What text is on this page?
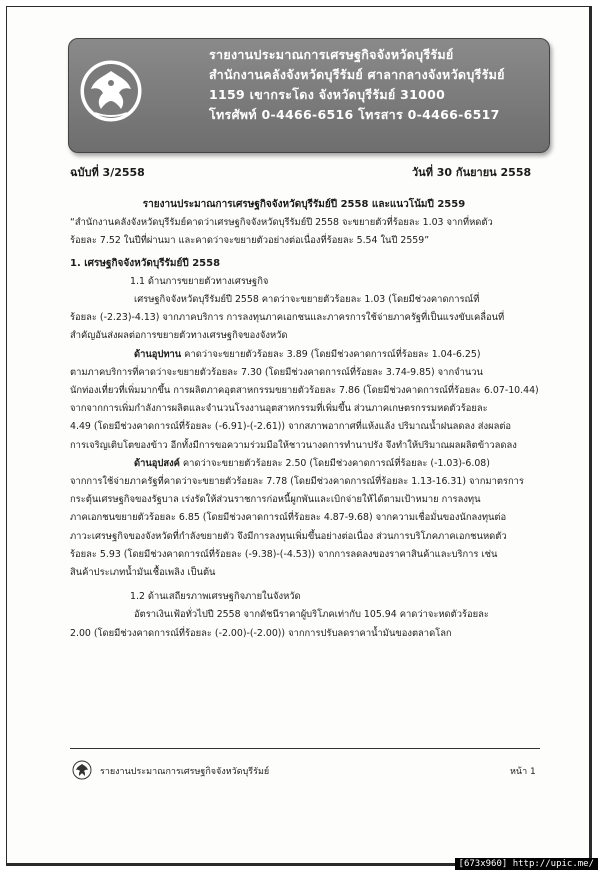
รายงานประมาณการเศรษฐกิจจังหวัดบุรีรัมย์
สำนักงานคลังจังหวัดบุรีรัมย์ ศาลากลางจังหวัดบุรีรัมย์
1159 เขากระโดง จังหวัดบุรีรัมย์ 31000
โทรศัพท์ 0-4466-6516 โทรสาร 0-4466-6517
ฉบับที่ 3/2558	วันที่ 30 กันยายน 2558
รายงานประมาณการเศรษฐกิจจังหวัดบุรีรัมย์ปี 2558 และแนวโน้มปี 2559
“สำนักงานคลังจังหวัดบุรีรัมย์คาดว่าเศรษฐกิจจังหวัดบุรีรัมย์ปี 2558 จะขยายตัวที่ร้อยละ 1.03 จากที่หดตัว
ร้อยละ 7.52 ในปีที่ผ่านมา และคาดว่าจะขยายตัวอย่างต่อเนื่องที่ร้อยละ 5.54 ในปี 2559”
1. เศรษฐกิจจังหวัดบุรีรัมย์ปี 2558
1.1 ด้านการขยายตัวทางเศรษฐกิจ
เศรษฐกิจจังหวัดบุรีรัมย์ปี 2558 คาดว่าจะขยายตัวร้อยละ 1.03 (โดยมีช่วงคาดการณ์ที่
ร้อยละ (-2.23)-4.13) จากภาคบริการ การลงทุนภาคเอกชนและภาครการใช้จ่ายภาครัฐที่เป็นแรงขับเคลื่อนที่
สำคัญอันส่งผลต่อการขยายตัวทางเศรษฐกิจของจังหวัด
ด้านอุปทาน คาดว่าจะขยายตัวร้อยละ 3.89 (โดยมีช่วงคาดการณ์ที่ร้อยละ 1.04-6.25)
ตามภาคบริการที่คาดว่าจะขยายตัวร้อยละ 7.30 (โดยมีช่วงคาดการณ์ที่ร้อยละ 3.74-9.85) จากจำนวน
นักท่องเที่ยวที่เพิ่มมากขึ้น การผลิตภาคอุตสาหกรรมขยายตัวร้อยละ 7.86 (โดยมีช่วงคาดการณ์ที่ร้อยละ 6.07-10.44)
จากจากการเพิ่มกำลังการผลิตและจำนวนโรงงานอุตสาหกรรมที่เพิ่มขึ้น ส่วนภาคเกษตรกรรมหดตัวร้อยละ
4.49 (โดยมีช่วงคาดการณ์ที่ร้อยละ (-6.91)-(-2.61)) จากสภาพอากาศที่แห้งแล้ง ปริมาณน้ำฝนลดลง ส่งผลต่อ
การเจริญเติบโตของข้าว อีกทั้งมีการขอความร่วมมือให้ชาวนางดการทำนาปรัง จึงทำให้ปริมาณผลผลิตข้าวลดลง
ด้านอุปสงค์ คาดว่าจะขยายตัวร้อยละ 2.50 (โดยมีช่วงคาดการณ์ที่ร้อยละ (-1.03)-6.08)
จากการใช้จ่ายภาครัฐที่คาดว่าจะขยายตัวร้อยละ 7.78 (โดยมีช่วงคาดการณ์ที่ร้อยละ 1.13-16.31) จากมาตรการ
กระตุ้นเศรษฐกิจของรัฐบาล เร่งรัดให้ส่วนราชการก่อหนี้ผูกพันและเบิกจ่ายให้ได้ตามเป้าหมาย การลงทุน
ภาคเอกชนขยายตัวร้อยละ 6.85 (โดยมีช่วงคาดการณ์ที่ร้อยละ 4.87-9.68) จากความเชื่อมั่นของนักลงทุนต่อ
ภาวะเศรษฐกิจของจังหวัดที่กำลังขยายตัว จึงมีการลงทุนเพิ่มขึ้นอย่างต่อเนื่อง ส่วนการบริโภคภาคเอกชนหดตัว
ร้อยละ 5.93 (โดยมีช่วงคาดการณ์ที่ร้อยละ (-9.38)-(-4.53)) จากการลดลงของราคาสินค้าและบริการ เช่น
สินค้าประเภทน้ำมันเชื้อเพลิง เป็นต้น
1.2 ด้านเสถียรภาพเศรษฐกิจภายในจังหวัด
อัตราเงินเฟ้อทั่วไปปี 2558 จากดัชนีราคาผู้บริโภคเท่ากับ 105.94 คาดว่าจะหดตัวร้อยละ
2.00 (โดยมีช่วงคาดการณ์ที่ร้อยละ (-2.00)-(-2.00)) จากการปรับลดราคาน้ำมันของตลาดโลก
รายงานประมาณการเศรษฐกิจจังหวัดบุรีรัมย์	หน้า 1
[673x960] http://upic.me/
